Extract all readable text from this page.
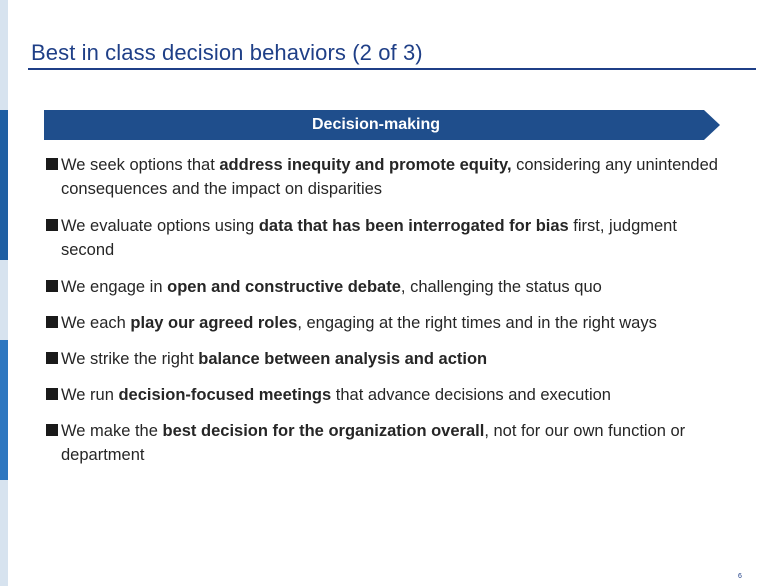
Best in class decision behaviors (2 of 3)
Decision-making
We seek options that address inequity and promote equity, considering any unintended consequences and the impact on disparities
We evaluate options using data that has been interrogated for bias first, judgment second
We engage in open and constructive debate, challenging the status quo
We each play our agreed roles, engaging at the right times and in the right ways
We strike the right balance between analysis and action
We run decision-focused meetings that advance decisions and execution
We make the best decision for the organization overall, not for our own function or department
6
